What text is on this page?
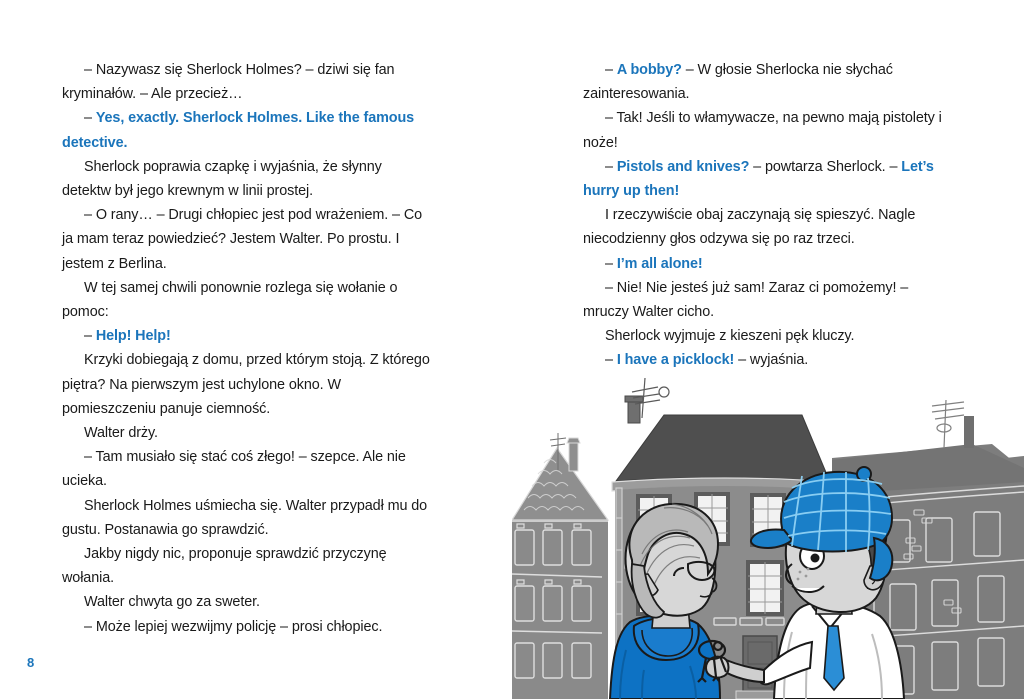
– Nazywasz się Sherlock Holmes? – dziwi się fan kryminałów. – Ale przecież…

– Yes, exactly. Sherlock Holmes. Like the famous detective.

Sherlock poprawia czapkę i wyjaśnia, że słynny detektw był jego krewnym w linii prostej.

– O rany… – Drugi chłopiec jest pod wrażeniem. – Co ja mam teraz powiedzieć? Jestem Walter. Po prostu. I jestem z Berlina.

W tej samej chwili ponownie rozlega się wołanie o pomoc:

– Help! Help!

Krzyki dobiegają z domu, przed którym stoją. Z którego piętra? Na pierwszym jest uchylone okno. W pomieszczeniu panuje ciemność.

Walter drży.

– Tam musiało się stać coś złego! – szepce. Ale nie ucieka.

Sherlock Holmes uśmiecha się. Walter przypadł mu do gustu. Postanawia go sprawdzić.

Jakby nigdy nic, proponuje sprawdzić przyczynę wołania.

Walter chwyta go za sweter.

– Może lepiej wezwijmy policję – prosi chłopiec.

– A bobby? – W głosie Sherlocka nie słychać zainteresowania.

– Tak! Jeśli to włamywacze, na pewno mają pistolety i noże!

– Pistols and knives? – powtarza Sherlock. – Let’s hurry up then!

I rzeczywiście obaj zaczynają się spieszyć. Nagle niecodzienny głos odzywa się po raz trzeci.

– I’m all alone!

– Nie! Nie jesteś już sam! Zaraz ci pomożemy! – mruczy Walter cicho.

Sherlock wyjmuje z kieszeni pęk kluczy.

– I have a picklock! – wyjaśnia.

8
